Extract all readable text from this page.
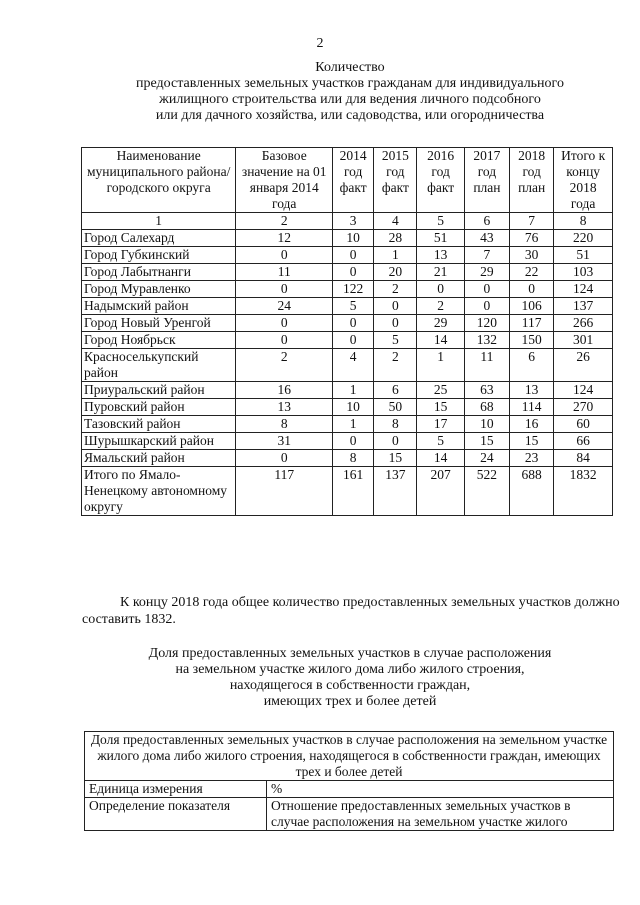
2
Количество
предоставленных земельных участков гражданам для индивидуального
жилищного строительства или для ведения личного подсобного
или для дачного хозяйства, или садоводства, или огородничества
Наименование муниципального района/городского округа	Базовое значение на 01 января 2014 года	2014 год факт	2015 год факт	2016 год факт	2017 год план	2018 год план	Итого к концу 2018 года
1	2	3	4	5	6	7	8
Город Салехард	12	10	28	51	43	76	220
Город Губкинский	0	0	1	13	7	30	51
Город Лабытнанги	11	0	20	21	29	22	103
Город Муравленко	0	122	2	0	0	0	124
Надымский район	24	5	0	2	0	106	137
Город Новый Уренгой	0	0	0	29	120	117	266
Город Ноябрьск	0	0	5	14	132	150	301
Красноселькупский район	2	4	2	1	11	6	26
Приуральский район	16	1	6	25	63	13	124
Пуровский район	13	10	50	15	68	114	270
Тазовский район	8	1	8	17	10	16	60
Шурышкарский район	31	0	0	5	15	15	66
Ямальский район	0	8	15	14	24	23	84
Итого по Ямало-Ненецкому автономному округу	117	161	137	207	522	688	1832
К концу 2018 года общее количество предоставленных земельных участков должно составить 1832.
Доля предоставленных земельных участков в случае расположения
на земельном участке жилого дома либо жилого строения,
находящегося в собственности граждан,
имеющих трех и более детей
Доля предоставленных земельных участков в случае расположения на земельном участке жилого дома либо жилого строения, находящегося в собственности граждан, имеющих трех и более детей	
Единица измерения	%
Определение показателя	Отношение предоставленных земельных участков в случае расположения на земельном участке жилого
